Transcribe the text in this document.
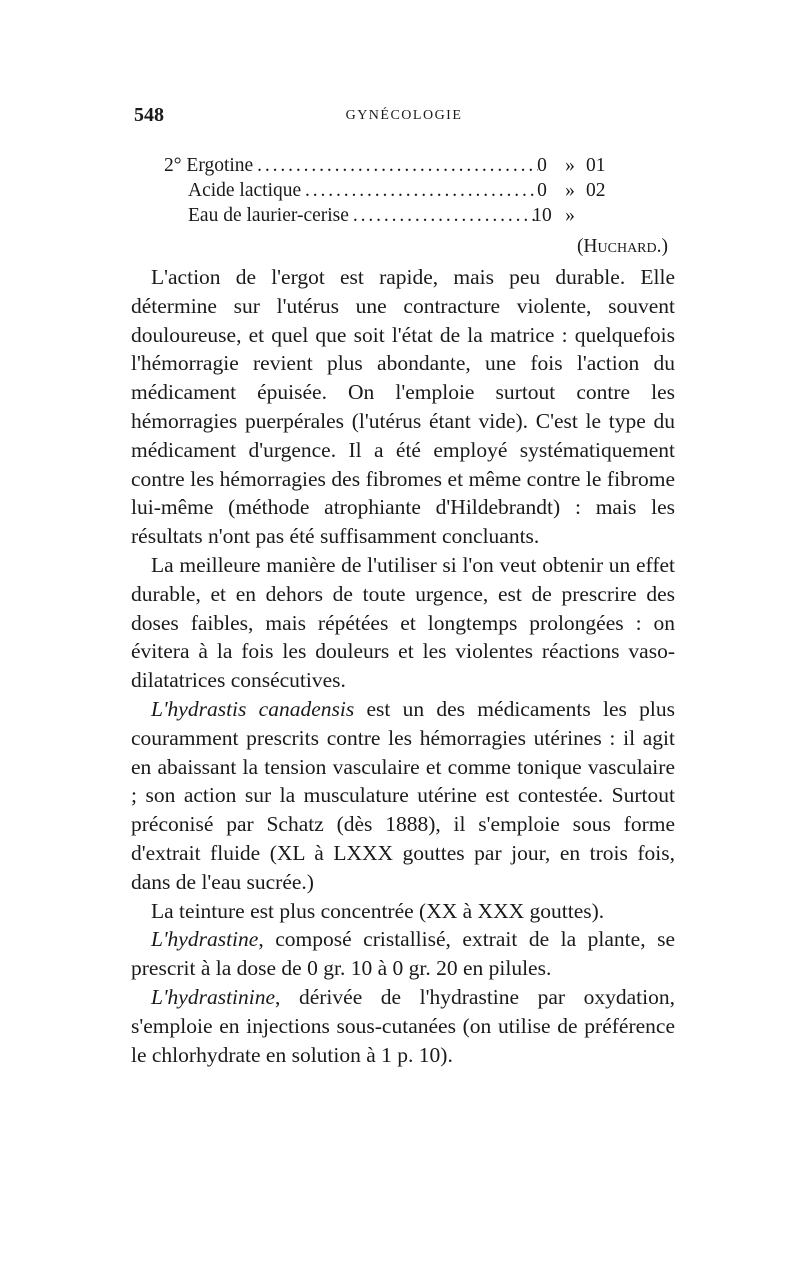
548	GYNÉCOLOGIE
2° Ergotine . . .	0 » 01
Acide lactique . . .	0 » 02
Eau de laurier-cerise . . .	10 »
(Huchard.)

L'action de l'ergot est rapide, mais peu durable. Elle détermine sur l'utérus une contracture violente, souvent douloureuse, et quel que soit l'état de la matrice : quelquefois l'hémorragie revient plus abondante, une fois l'action du médicament épuisée. On l'emploie surtout contre les hémorragies puerpérales (l'utérus étant vide). C'est le type du médicament d'urgence. Il a été employé systématiquement contre les hémorragies des fibromes et même contre le fibrome lui-même (méthode atrophiante d'Hildebrandt) : mais les résultats n'ont pas été suffisamment concluants.

La meilleure manière de l'utiliser si l'on veut obtenir un effet durable, et en dehors de toute urgence, est de prescrire des doses faibles, mais répétées et longtemps prolongées : on évitera à la fois les douleurs et les violentes réactions vaso-dilatatrices consécutives.

L'hydrastis canadensis est un des médicaments les plus couramment prescrits contre les hémorragies utérines : il agit en abaissant la tension vasculaire et comme tonique vasculaire ; son action sur la musculature utérine est contestée. Surtout préconisé par Schatz (dès 1888), il s'emploie sous forme d'extrait fluide (XL à LXXX gouttes par jour, en trois fois, dans de l'eau sucrée.)

La teinture est plus concentrée (XX à XXX gouttes).

L'hydrastine, composé cristallisé, extrait de la plante, se prescrit à la dose de 0 gr. 10 à 0 gr. 20 en pilules.

L'hydrastinine, dérivée de l'hydrastine par oxydation, s'emploie en injections sous-cutanées (on utilise de préférence le chlorhydrate en solution à 1 p. 10).
